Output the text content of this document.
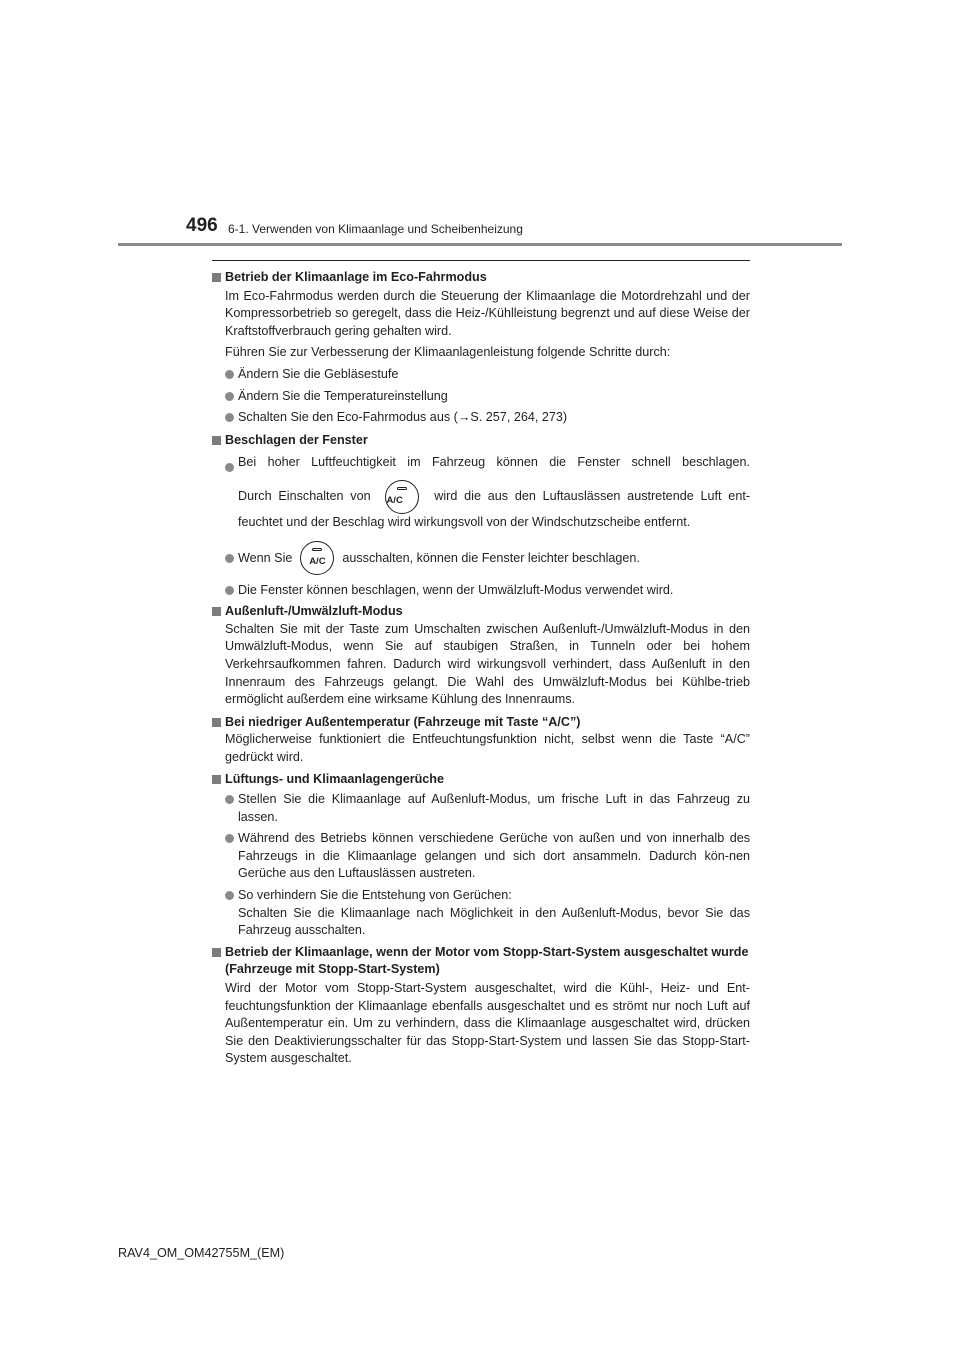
496 6-1. Verwenden von Klimaanlage und Scheibenheizung
Betrieb der Klimaanlage im Eco-Fahrmodus

Im Eco-Fahrmodus werden durch die Steuerung der Klimaanlage die Motordrehzahl und der Kompressorbetrieb so geregelt, dass die Heiz-/Kühlleistung begrenzt und auf diese Weise der Kraftstoffverbrauch gering gehalten wird.

Führen Sie zur Verbesserung der Klimaanlagenleistung folgende Schritte durch:

Ändern Sie die Gebläsestufe
Ändern Sie die Temperatureinstellung
Schalten Sie den Eco-Fahrmodus aus (→S. 257, 264, 273)
Beschlagen der Fenster
Bei hoher Luftfeuchtigkeit im Fahrzeug können die Fenster schnell beschlagen.
Durch Einschalten von A/C	wird die aus den Luftauslässen austretende Luft ent-
feuchtet und der Beschlag wird wirkungsvoll von der Windschutzscheibe entfernt.
Wenn Sie	A/C	ausschalten, können die Fenster leichter beschlagen.
Die Fenster können beschlagen, wenn der Umwälzluft-Modus verwendet wird.
Außenluft-/Umwälzluft-Modus

Schalten Sie mit der Taste zum Umschalten zwischen Außenluft-/Umwälzluft-Modus in den Umwälzluft-Modus, wenn Sie auf staubigen Straßen, in Tunneln oder bei hohem Verkehrsaufkommen fahren. Dadurch wird wirkungsvoll verhindert, dass Außenluft in den Innenraum des Fahrzeugs gelangt. Die Wahl des Umwälzluft-Modus bei Kühlbe-trieb ermöglicht außerdem eine wirksame Kühlung des Innenraums.

Bei niedriger Außentemperatur (Fahrzeuge mit Taste “A/C”)

Möglicherweise funktioniert die Entfeuchtungsfunktion nicht, selbst wenn die Taste “A/C” gedrückt wird.

Lüftungs- und Klimaanlagengerüche
Stellen Sie die Klimaanlage auf Außenluft-Modus, um frische Luft in das Fahrzeug zu lassen.
Während des Betriebs können verschiedene Gerüche von außen und von innerhalb des Fahrzeugs in die Klimaanlage gelangen und sich dort ansammeln. Dadurch kön-nen Gerüche aus den Luftauslässen austreten.
So verhindern Sie die Entstehung von Gerüchen:
Schalten Sie die Klimaanlage nach Möglichkeit in den Außenluft-Modus, bevor Sie das Fahrzeug ausschalten.
Betrieb der Klimaanlage, wenn der Motor vom Stopp-Start-System ausgeschaltet wurde (Fahrzeuge mit Stopp-Start-System)

Wird der Motor vom Stopp-Start-System ausgeschaltet, wird die Kühl-, Heiz- und Ent-feuchtungsfunktion der Klimaanlage ebenfalls ausgeschaltet und es strömt nur noch Luft auf Außentemperatur ein. Um zu verhindern, dass die Klimaanlage ausgeschaltet wird, drücken Sie den Deaktivierungsschalter für das Stopp-Start-System und lassen Sie das Stopp-Start-System ausgeschaltet.

RAV4_OM_OM42755M_(EM)
